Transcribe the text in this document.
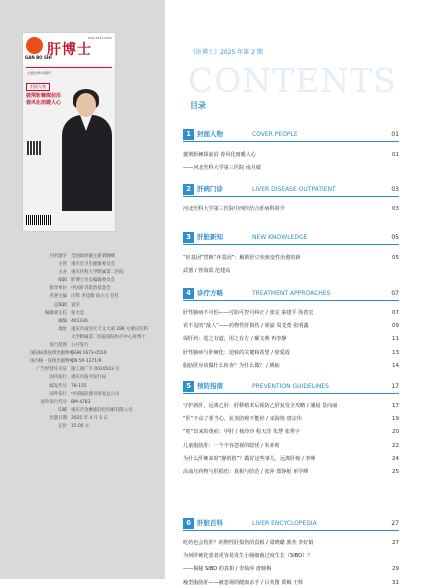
GAN BO SHI
肝博士
ISSN 1673-0550
全国优秀科普期刊
封面人物
披荆斩棘探前沿 春风化雨暖人心
刊名题字 全国政协副主席刘晓峰
主管 重庆市卫生健康委员会
主办 重庆医科大学附属第二医院
编辑 肝博士杂志编辑委员会
指导单位 中国肝炎防治基金会
名誉主编 庄辉 李佳薇 徐小元 任红
总编辑 袁军
编辑部主任 张大忠
邮编 401336
地址 重庆市南岸区天文大道 288 号重庆医科
大学附属第二医院国际医疗中心肝博士
发行范围 公开发行
国际标准连续出版物号
ISSN 1673-0550
国内统一连续出版物号
CN 50-1271/R
广告经营许可证 渝工商广字 0020503 号
国内发行 重庆市报刊发行局
邮发代号 78-155
国外发行 中国国际图书贸易总公司
国外发行代号 BM 4783
印刷 重庆市金雅迪彩色印刷有限公司
出版日期 2025 年 4 月 5 日
定价 15.00 元
《肝博士》2025 年第 2 期
CONTENTS
目录
1 封面人物	COVER PEOPLE	01
披荆斩棘探前沿 春风化雨暖人心	01
——河北医科大学第三医院 南月敏
2 肝病门诊	LIVER DISEASE OUTPATIENT	03
河北医科大学第三医院中西医结合肝病科简介	03
3 肝脏新知	NEW KNOWLEDGE	05
“好基因”替换“坏基因”：解锁肝豆状核变性治愈的新	05
武器 / 曾海霞 范建高
4 诊疗方略	TREATMENT APPROACHES	07
肝性脑病不可怕——可防可控可纠正 / 张亮 秦建平 汤善宏	07
看不见的“敌人”——药物性肝损伤 / 梁晏 周爻勇 张明鑫	09
保肝药：选之有道，用之有方 / 戴文燕 再李静	11
肝性脑病与肝硬化：逆转的关键和希望 / 徐爱霞	13
脂肪肝应该做什么检查？为什么做？ / 姚灿	14
5 预防指南	PREVENTION GUIDELINES	17
守护新肝，远离乙肝：肝移植术后预防乙肝复发全攻略 / 潘晨 景向丽	17
“肝”不动了要当心，抗炎防癌不能停 / 宋海艳 唐宗伟	19
“吃”出来的黄疸：甲肝 / 杨玲玲 程天洋 朱慧 张秀宇	20
儿童脂肪肝：一个不容忽视的隐忧 / 朱亚莉	22
为什么肝硬来时“静悄悄”？做好这些事儿，远离肝癌 / 李峥	24
高血压药物与肝损伤：真相与防范 / 张萍 郑铮妮 单学峰	25
6 肝脏百科	LIVER ENCYCLOPEDIA	27
吃药也会伤肝？药物性肝损伤的真相 / 周晓璐 郭杰 李好娟	27
为何肝硬化患者更容易发生小肠细菌过度生长（SIBO）？
——揭秘 SIBO 的真相 / 李仙萍 唐映梅	29
瘦型脂肪肝——被忽视的健康杀手 / 吕英图 贾梅 王辉	31
